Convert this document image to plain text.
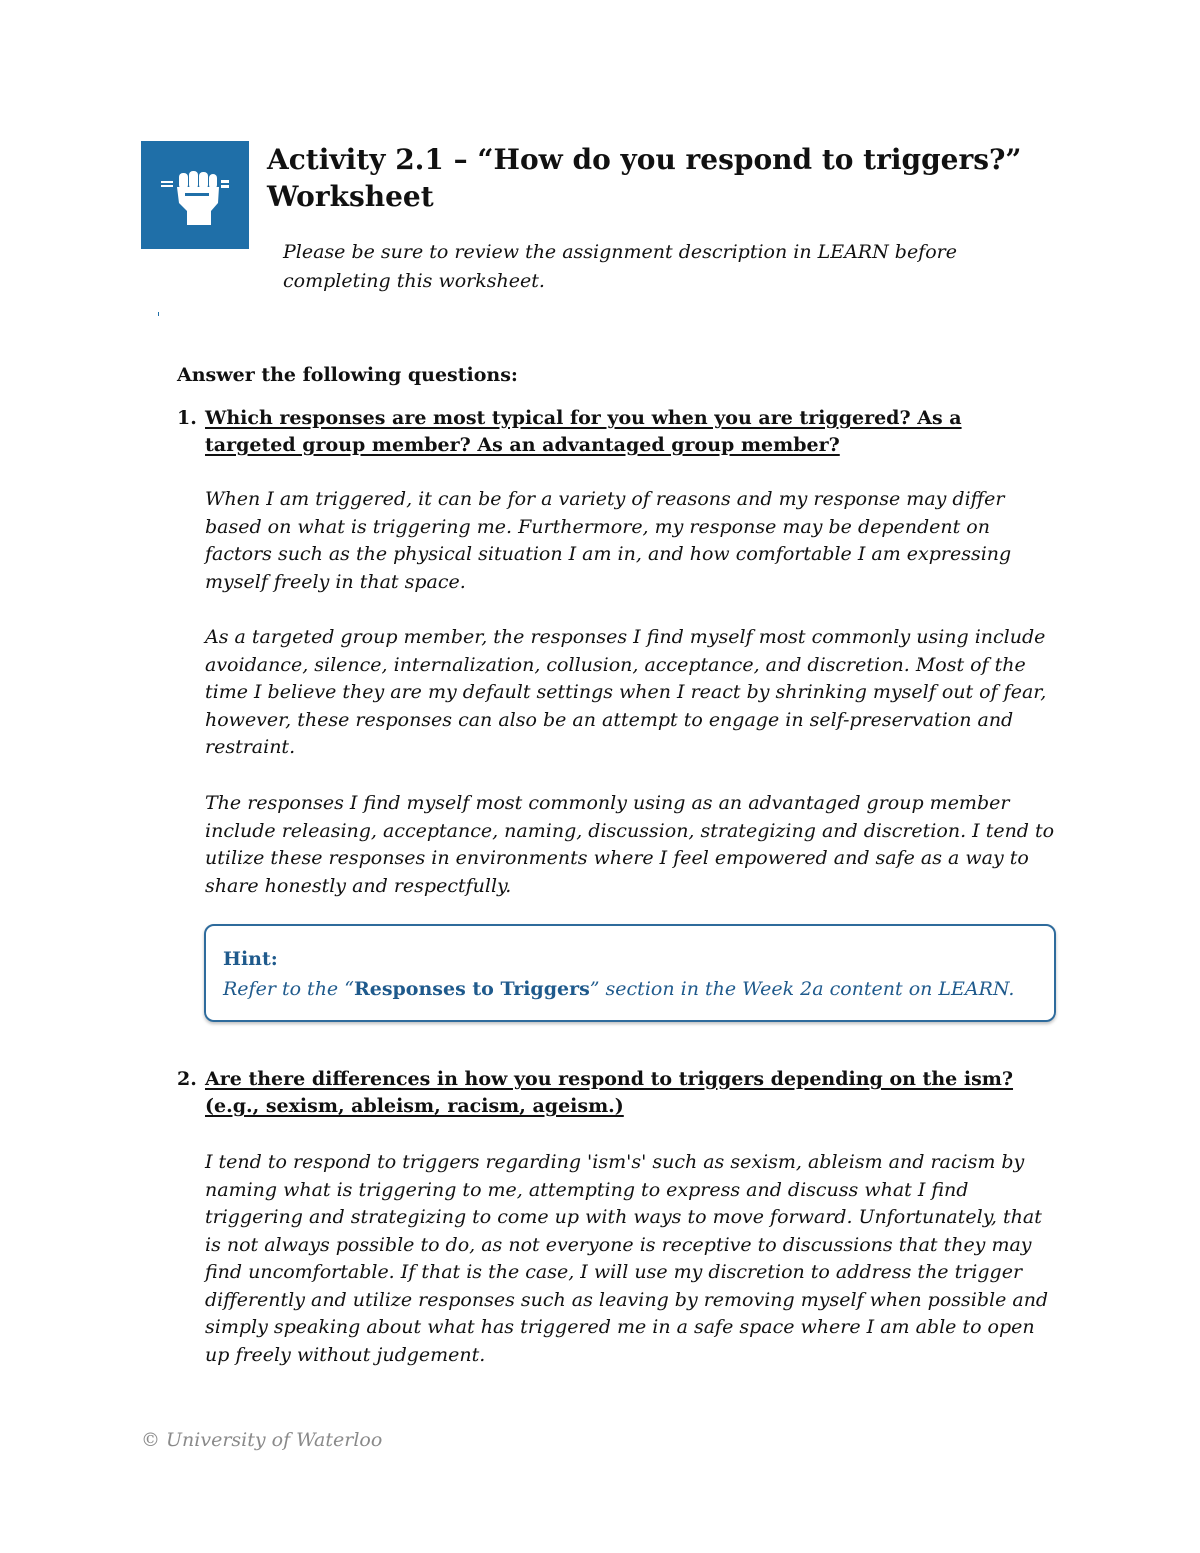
Activity 2.1 – “How do you respond to triggers?” Worksheet

Please be sure to review the assignment description in LEARN before completing this worksheet.

Answer the following questions:

1. Which responses are most typical for you when you are triggered? As a targeted group member? As an advantaged group member?

When I am triggered, it can be for a variety of reasons and my response may differ based on what is triggering me. Furthermore, my response may be dependent on factors such as the physical situation I am in, and how comfortable I am expressing myself freely in that space.

As a targeted group member, the responses I find myself most commonly using include avoidance, silence, internalization, collusion, acceptance, and discretion. Most of the time I believe they are my default settings when I react by shrinking myself out of fear, however, these responses can also be an attempt to engage in self-preservation and restraint.

The responses I find myself most commonly using as an advantaged group member include releasing, acceptance, naming, discussion, strategizing and discretion. I tend to utilize these responses in environments where I feel empowered and safe as a way to share honestly and respectfully.

Hint:
Refer to the “Responses to Triggers” section in the Week 2a content on LEARN.
2. Are there differences in how you respond to triggers depending on the ism? (e.g., sexism, ableism, racism, ageism.)

I tend to respond to triggers regarding 'ism's' such as sexism, ableism and racism by naming what is triggering to me, attempting to express and discuss what I find triggering and strategizing to come up with ways to move forward. Unfortunately, that is not always possible to do, as not everyone is receptive to discussions that they may find uncomfortable. If that is the case, I will use my discretion to address the trigger differently and utilize responses such as leaving by removing myself when possible and simply speaking about what has triggered me in a safe space where I am able to open up freely without judgement.

© University of Waterloo
